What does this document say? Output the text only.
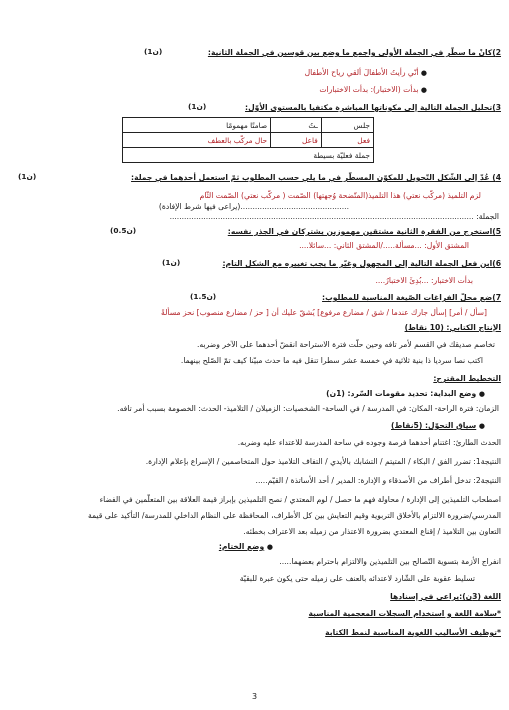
2)كانْ ما سطّر في الجملة الأولى واجمع ما وضع بين قوسين في الجملة الثانية:
(1ن)
● أنّي رأيتُ الأطفالَ ألقي رياح الأطفال
● بدأت (الاختبار): بدأت الاختبارات
3)تحليل الجملة التالية إلى مكوناتها المباشرة مكتفيا بالمستوى الأوّل:
(1ن)
جلس	ـتُ	صامتًا مهمومًا
فعل	فاعل	حال مركّب بالعطف
جملة فعليّة بسيطة		
4) عُدّ إلى الشّكل التّحويل للمكوّن المسطّر في ما يلي حسب المطلوب ثمّ استعمل أحدهما في جملة:
(1ن)
لزم التلميذ (مركّب نعتي) هذا التلميذ(المتّضحة وُجهتها) الصّمت ( مركّب نعتي) الصّمت الثّام
.............................................(يراعى فيها شرط الإفادة)
الجملة: ..............................................................................................................................
5)استخرج من الفقرة الثانية مشتقين مهموزين يشتركان في الجذر نفسه:
(0.5ن)
المشتق الأول: ...مسألة...../المشتق الثاني: ...سائلا....
6)ابن فعل الجملة التالية إلى المجهول وغيّر ما يجب تغييره مع الشكل التام:
(1ن)
بدأت الاختبار: ...بُدِئَ الاختبارُ....
7)ضع محلّ الفراغات الصّيغة المناسبة للمطلوب:
(1.5ن)
[سأل / أمر] إسأل جارك عندما / شق / مضارع مرفوع] يُشقّ عليك أن [ حز / مضارع منصوب] نحز مسألةً
الإنتاج الكتابي: (10 نقاط)
تخاصم صديقك في القسم لأمر تافه وحين حلّت فترة الاستراحة انقضّ أحدهما على الآخر وضربه.
اكتب نصا سرديا ذا بنية ثلاثية في خمسة عشر سطرا تنقل فيه ما حدث مبيّنا كيف تمّ الصّلح بينهما.
التخطيط المقترح:
● وضع البداية: تحديد مقومات السّرد: (1ن)
الزمان: فترة الراحة- المكان: في المدرسة / في الساحة- الشخصيات: الزميلان / التلاميذ- الحدث: الخصومة بسبب أمر تافه.
● سياق التحوّل: (5نقاط)
الحدث الطارئ: اغتنام أحدهما فرصة وجوده في ساحة المدرسة للاعتداء عليه وضربه.
النتيجة1: تضرر الفق / البكاء / المتيتم / التشابك بالأيدي / التفاف التلاميذ حول المتخاصمين / الإسراع بإعلام الإدارة.
النتيجة2: تدخل أطراف من الأصدقاء و الإدارة: المدير / أحد الأساتذة / القيّم.....
اصطحاب التلميذين إلى الإدارة / محاولة فهم ما حصل / لوم المعتدي / نصح التلميذين بإبراز قيمة العلاقة بين المتعلّمين في الفضاء
المدرسي/ضرورة الالتزام بالأخلاق التربوية وقيم التعايش بين كل الأطراف، المحافظة على النظام الداخلي للمدرسة/ التأكيد على قيمة
التعاون بين التلاميذ / إقناع المعتدي بضرورة الاعتذار من زميله بعد الاعتراف بخطئه.
● وضع الختام:
انفراج الأزمة بتسوية التّصالح بين التلميذين والالتزام باحترام بعضهما.....
تسليط عقوبة على الشّارد لاعتدائه بالعنف على زميله حتى يكون عبرة للبقيّة
اللغة (3ن):يراعى في إسنادها
*سلامة اللغة و استخدام السجلات المعجمية المناسبة
*توظيف الأساليب اللغوية المناسبة لنمط الكتابة
3
